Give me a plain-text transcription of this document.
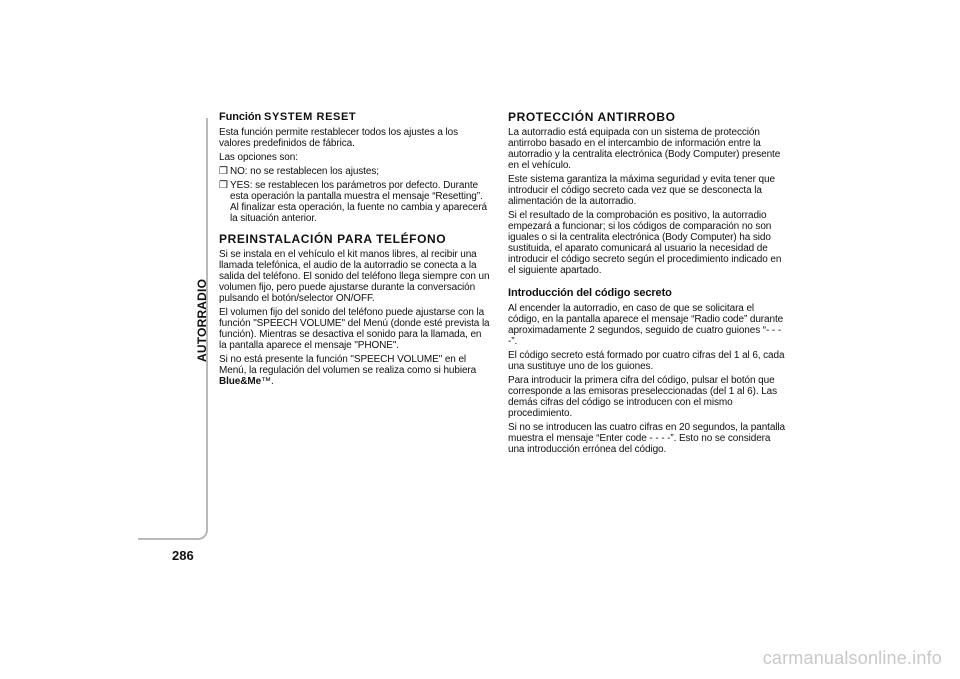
AUTORRADIO
286
Función SYSTEM RESET

Esta función permite restablecer todos los ajustes a los valores predefinidos de fábrica.

Las opciones son:

❒ NO: no se restablecen los ajustes;
❒ YES: se restablecen los parámetros por defecto. Durante esta operación la pantalla muestra el mensaje “Resetting”. Al finalizar esta operación, la fuente no cambia y aparecerá la situación anterior.
PREINSTALACIÓN PARA TELÉFONO

Si se instala en el vehículo el kit manos libres, al recibir una llamada telefónica, el audio de la autorradio se conecta a la salida del teléfono. El sonido del teléfono llega siempre con un volumen fijo, pero puede ajustarse durante la conversación pulsando el botón/selector ON/OFF.

El volumen fijo del sonido del teléfono puede ajustarse con la función "SPEECH VOLUME" del Menú (donde esté prevista la función). Mientras se desactiva el sonido para la llamada, en la pantalla aparece el mensaje "PHONE".

Si no está presente la función "SPEECH VOLUME" en el Menú, la regulación del volumen se realiza como si hubiera Blue&Me™.

PROTECCIÓN ANTIRROBO

La autorradio está equipada con un sistema de protección antirrobo basado en el intercambio de información entre la autorradio y la centralita electrónica (Body Computer) presente en el vehículo.

Este sistema garantiza la máxima seguridad y evita tener que introducir el código secreto cada vez que se desconecta la alimentación de la autorradio.

Si el resultado de la comprobación es positivo, la autorradio empezará a funcionar; si los códigos de comparación no son iguales o si la centralita electrónica (Body Computer) ha sido sustituida, el aparato comunicará al usuario la necesidad de introducir el código secreto según el procedimiento indicado en el siguiente apartado.

Introducción del código secreto

Al encender la autorradio, en caso de que se solicitara el código, en la pantalla aparece el mensaje “Radio code” durante aproximadamente 2 segundos, seguido de cuatro guiones “- - - -”.

El código secreto está formado por cuatro cifras del 1 al 6, cada una sustituye uno de los guiones.

Para introducir la primera cifra del código, pulsar el botón que corresponde a las emisoras preseleccionadas (del 1 al 6). Las demás cifras del código se introducen con el mismo procedimiento.

Si no se introducen las cuatro cifras en 20 segundos, la pantalla muestra el mensaje “Enter code - - - -”. Esto no se considera una introducción errónea del código.

carmanualsonline.info
